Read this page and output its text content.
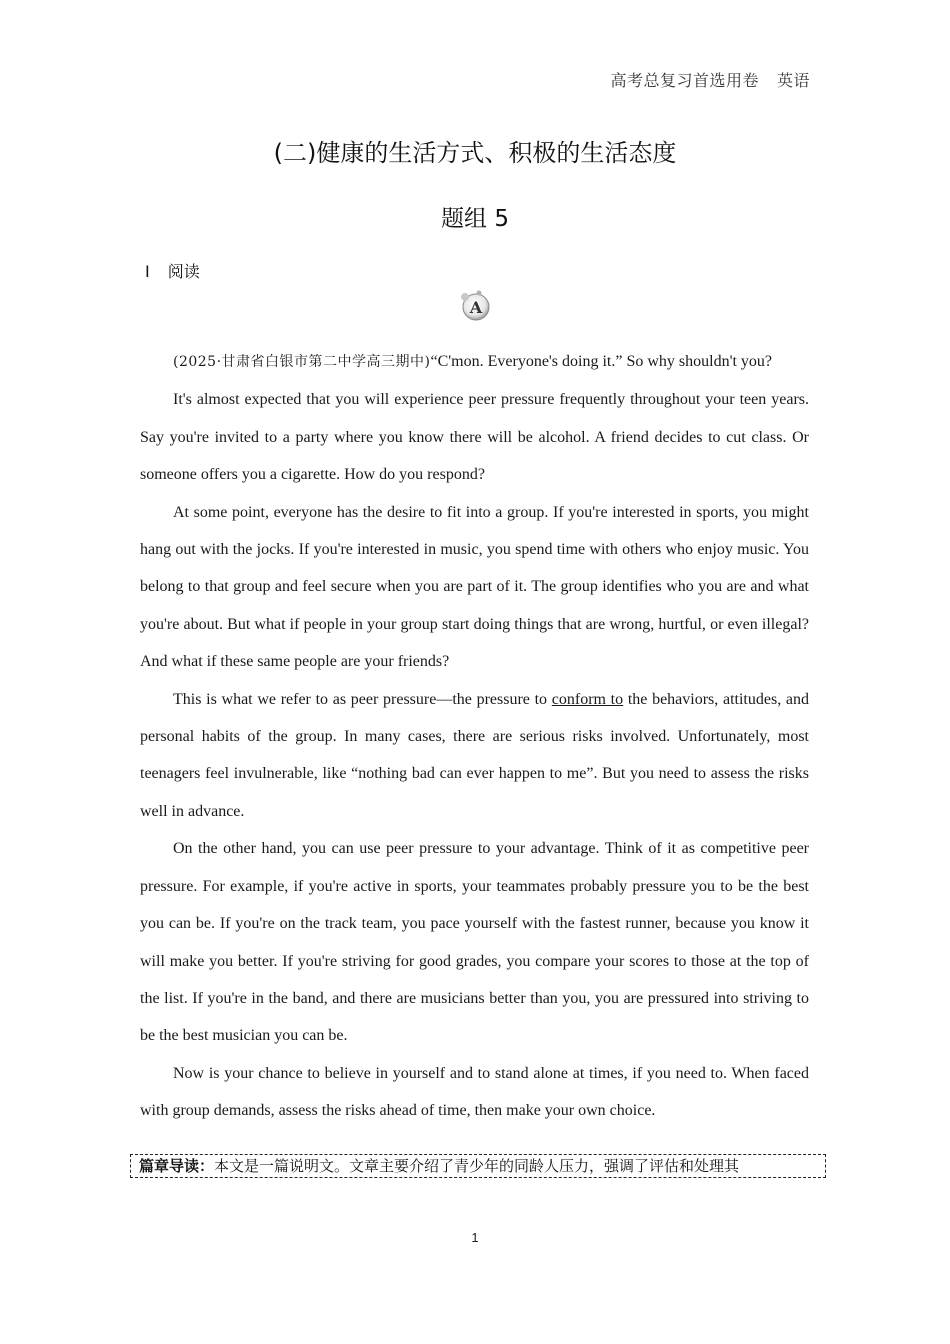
高考总复习首选用卷 英语
(二)健康的生活方式、积极的生活态度
题组 5
Ⅰ 阅读
A

(2025·甘肃省白银市第二中学高三期中)“C'mon. Everyone's doing it.” So why shouldn't you?

It's almost expected that you will experience peer pressure frequently throughout your teen years. Say you're invited to a party where you know there will be alcohol. A friend decides to cut class. Or someone offers you a cigarette. How do you respond?

At some point, everyone has the desire to fit into a group. If you're interested in sports, you might hang out with the jocks. If you're interested in music, you spend time with others who enjoy music. You belong to that group and feel secure when you are part of it. The group identifies who you are and what you're about. But what if people in your group start doing things that are wrong, hurtful, or even illegal? And what if these same people are your friends?

This is what we refer to as peer pressure—the pressure to conform to the behaviors, attitudes, and personal habits of the group. In many cases, there are serious risks involved. Unfortunately, most teenagers feel invulnerable, like “nothing bad can ever happen to me”. But you need to assess the risks well in advance.

On the other hand, you can use peer pressure to your advantage. Think of it as competitive peer pressure. For example, if you're active in sports, your teammates probably pressure you to be the best you can be. If you're on the track team, you pace yourself with the fastest runner, because you know it will make you better. If you're striving for good grades, you compare your scores to those at the top of the list. If you're in the band, and there are musicians better than you, you are pressured into striving to be the best musician you can be.

Now is your chance to believe in yourself and to stand alone at times, if you need to. When faced with group demands, assess the risks ahead of time, then make your own choice.

篇章导读：本文是一篇说明文。文章主要介绍了青少年的同龄人压力，强调了评估和处理其
1
